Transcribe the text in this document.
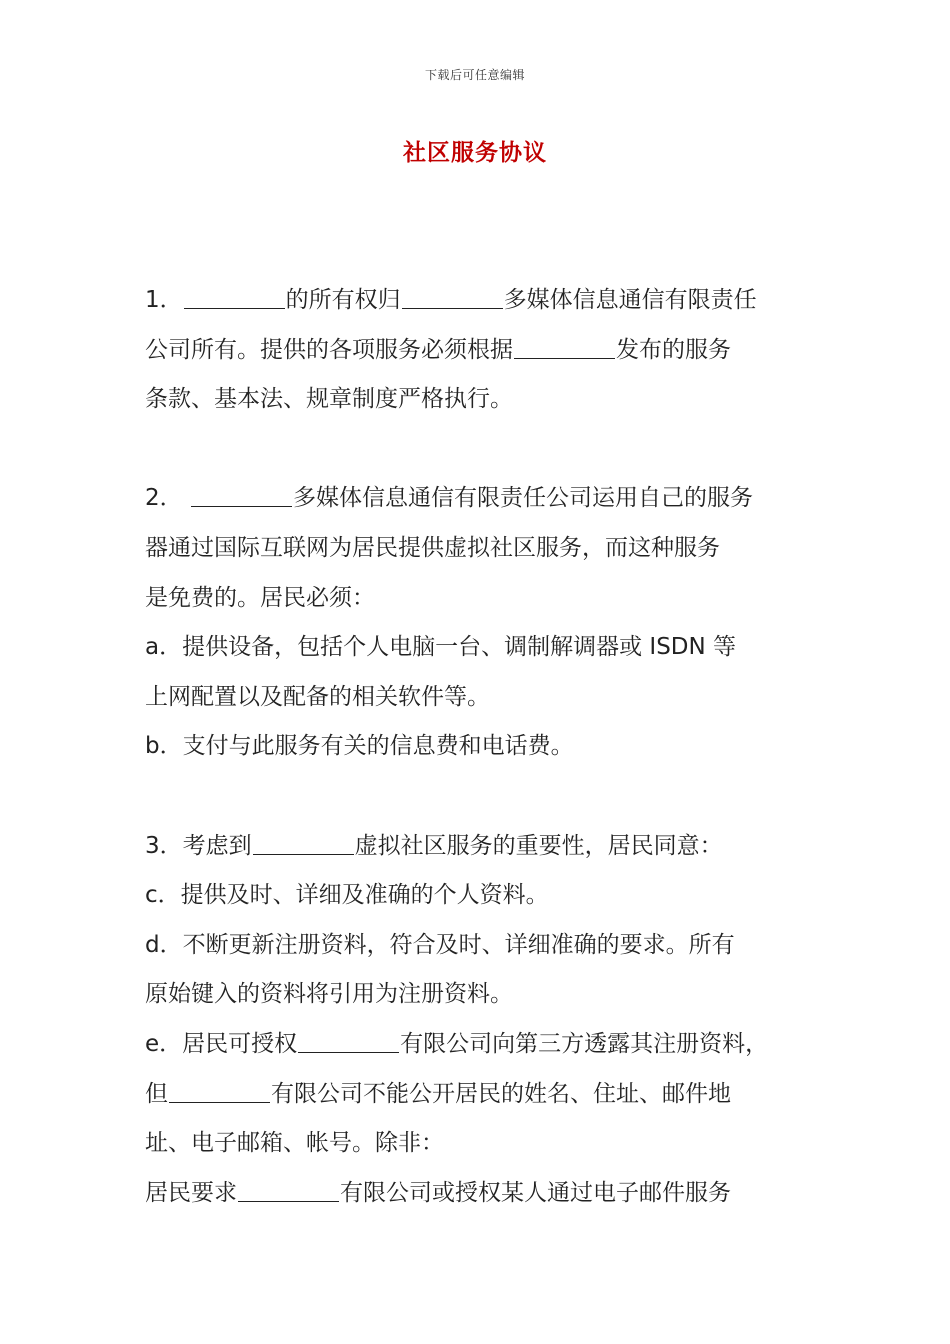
下载后可任意编辑
社区服务协议
1．	的所有权归	多媒体信息通信有限责任
公司所有。提供的各项服务必须根据	发布的服务
条款、基本法、规章制度严格执行。
2．	多媒体信息通信有限责任公司运用自己的服务
器通过国际互联网为居民提供虚拟社区服务，而这种服务
是免费的。居民必须：
a．提供设备，包括个人电脑一台、调制解调器或 ISDN 等
上网配置以及配备的相关软件等。
b．支付与此服务有关的信息费和电话费。
3．考虑到	虚拟社区服务的重要性，居民同意：
c．提供及时、详细及准确的个人资料。
d．不断更新注册资料，符合及时、详细准确的要求。所有
原始键入的资料将引用为注册资料。
e．居民可授权	有限公司向第三方透露其注册资料，
但	有限公司不能公开居民的姓名、住址、邮件地
址、电子邮箱、帐号。除非：
居民要求	有限公司或授权某人通过电子邮件服务
